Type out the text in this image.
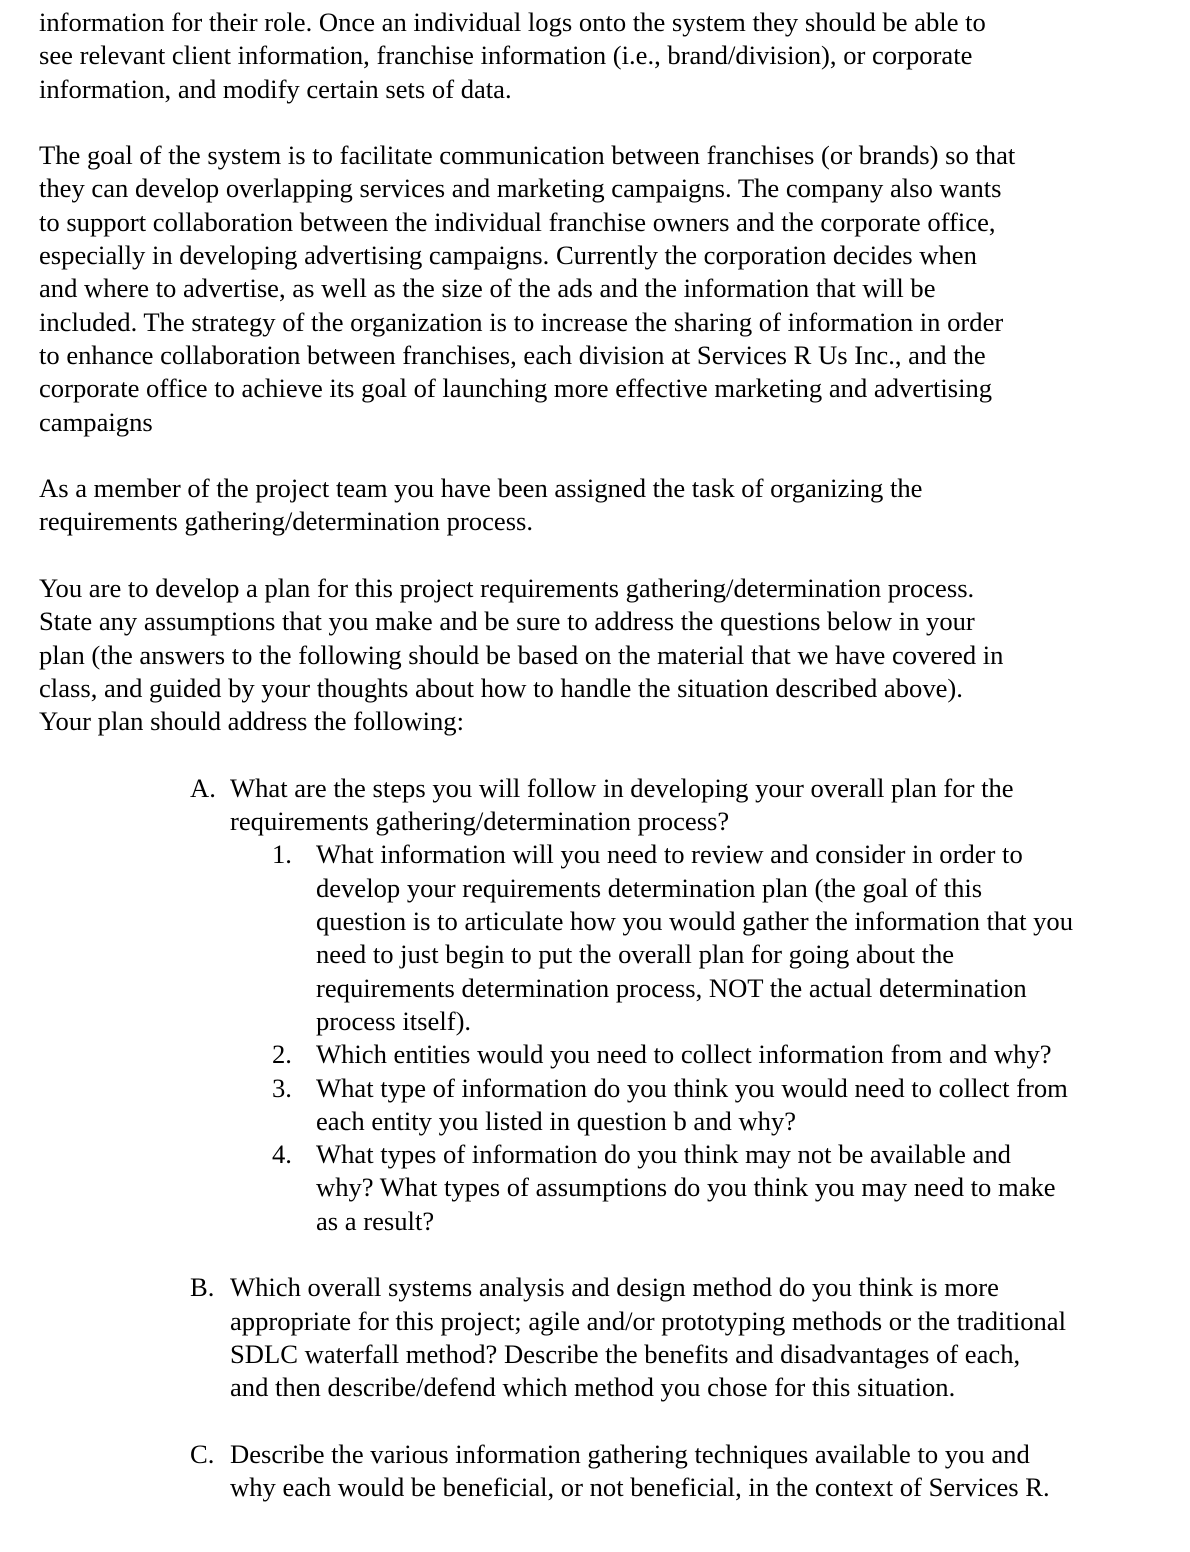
information for their role. Once an individual logs onto the system they should be able to
see relevant client information, franchise information (i.e., brand/division), or corporate
information, and modify certain sets of data.

The goal of the system is to facilitate communication between franchises (or brands) so that
they can develop overlapping services and marketing campaigns. The company also wants
to support collaboration between the individual franchise owners and the corporate office,
especially in developing advertising campaigns. Currently the corporation decides when
and where to advertise, as well as the size of the ads and the information that will be
included. The strategy of the organization is to increase the sharing of information in order
to enhance collaboration between franchises, each division at Services R Us Inc., and the
corporate office to achieve its goal of launching more effective marketing and advertising
campaigns

As a member of the project team you have been assigned the task of organizing the
requirements gathering/determination process.

You are to develop a plan for this project requirements gathering/determination process.
State any assumptions that you make and be sure to address the questions below in your
plan (the answers to the following should be based on the material that we have covered in
class, and guided by your thoughts about how to handle the situation described above).
Your plan should address the following:

A. What are the steps you will follow in developing your overall plan for the
requirements gathering/determination process?
1. What information will you need to review and consider in order to
develop your requirements determination plan (the goal of this
question is to articulate how you would gather the information that you
need to just begin to put the overall plan for going about the
requirements determination process, NOT the actual determination
process itself).
2. Which entities would you need to collect information from and why?
3. What type of information do you think you would need to collect from
each entity you listed in question b and why?
4. What types of information do you think may not be available and
why? What types of assumptions do you think you may need to make
as a result?
B. Which overall systems analysis and design method do you think is more
appropriate for this project; agile and/or prototyping methods or the traditional
SDLC waterfall method? Describe the benefits and disadvantages of each,
and then describe/defend which method you chose for this situation.
C. Describe the various information gathering techniques available to you and
why each would be beneficial, or not beneficial, in the context of Services R.
